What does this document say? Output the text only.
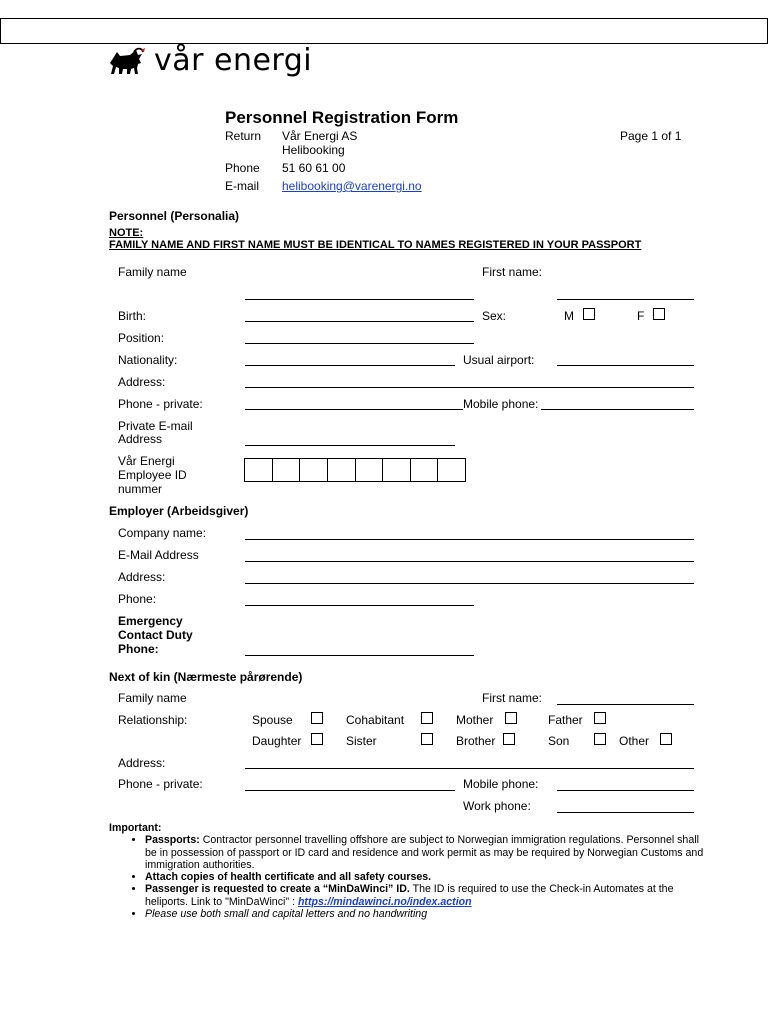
vår energi
Personnel Registration Form
Return Vår Energi AS
Helibooking
Page 1 of 1
Phone 51 60 61 00
E-mail helibooking@varenergi.no
Personnel (Personalia)
NOTE:
FAMILY NAME AND FIRST NAME MUST BE IDENTICAL TO NAMES REGISTERED IN YOUR PASSPORT
Family name	First name:
Birth:	Sex:	M	F
Position:
Nationality:	Usual airport:
Address:
Phone - private:	Mobile phone:
Private E-mail
Address
Vår Energi
Employee ID
nummer
Employer (Arbeidsgiver)
Company name:
E-Mail Address
Address:
Phone:
Emergency
Contact Duty
Phone:
Next of kin (Nærmeste pårørende)
Family name	First name:
Relationship:	Spouse	Cohabitant	Mother	Father
Daughter	Sister	Brother	Son	Other
Address:
Phone - private:	Mobile phone:
Work phone:
Important:
• Passports: Contractor personnel travelling offshore are subject to Norwegian immigration regulations. Personnel shall be in possession of passport or ID card and residence and work permit as may be required by Norwegian Customs and immigration authorities.
• Attach copies of health certificate and all safety courses.
• Passenger is requested to create a “MinDaWinci” ID. The ID is required to use the Check-in Automates at the heliports. Link to "MinDaWinci" : https://mindawinci.no/index.action
• Please use both small and capital letters and no handwriting
